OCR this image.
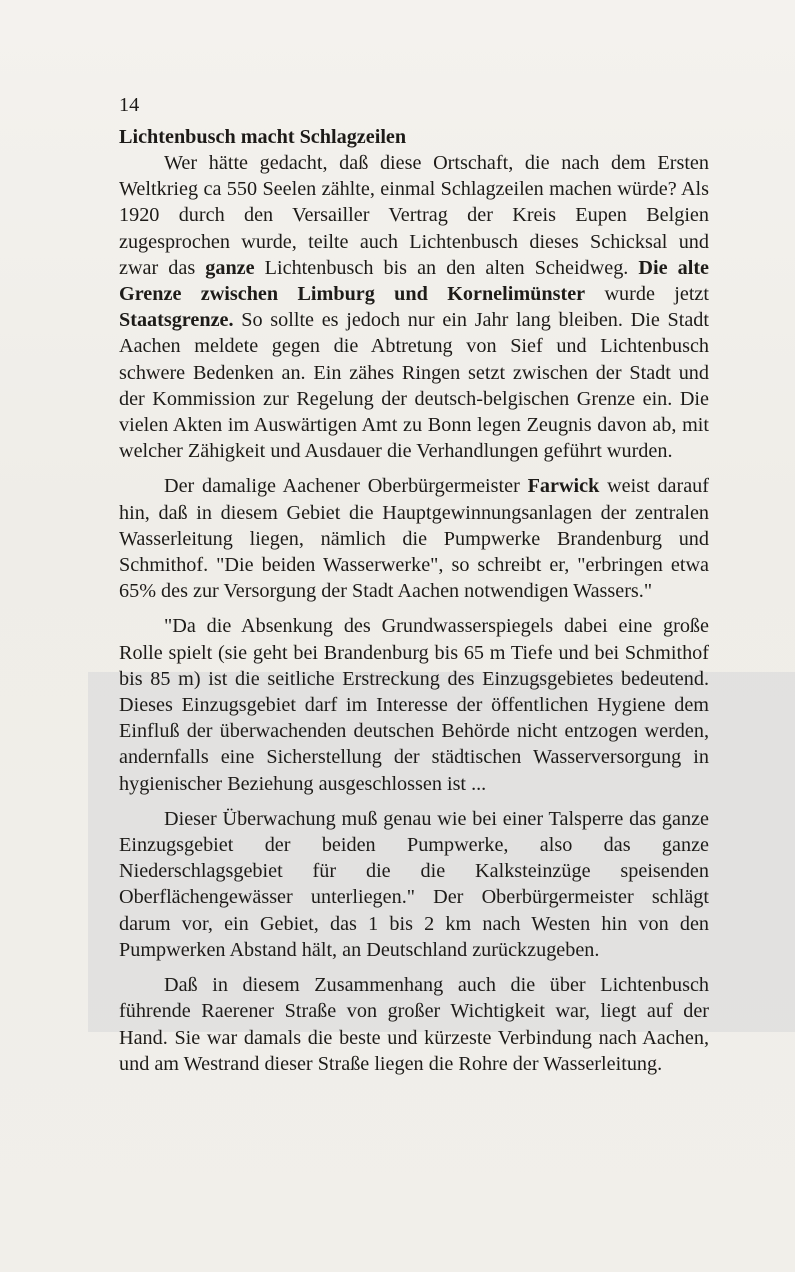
14
Lichtenbusch macht Schlagzeilen

Wer hätte gedacht, daß diese Ortschaft, die nach dem Ersten Weltkrieg ca 550 Seelen zählte, einmal Schlagzeilen machen würde? Als 1920 durch den Versailler Vertrag der Kreis Eupen Belgien zugesprochen wurde, teilte auch Lichtenbusch dieses Schicksal und zwar das ganze Lichtenbusch bis an den alten Scheidweg. Die alte Grenze zwischen Limburg und Kornelimünster wurde jetzt Staatsgrenze. So sollte es jedoch nur ein Jahr lang bleiben. Die Stadt Aachen meldete gegen die Abtretung von Sief und Lichtenbusch schwere Bedenken an. Ein zähes Ringen setzt zwischen der Stadt und der Kommission zur Regelung der deutsch-belgischen Grenze ein. Die vielen Akten im Auswärtigen Amt zu Bonn legen Zeugnis davon ab, mit welcher Zähigkeit und Ausdauer die Verhandlungen geführt wurden.

Der damalige Aachener Oberbürgermeister Farwick weist darauf hin, daß in diesem Gebiet die Hauptgewinnungsanlagen der zentralen Wasserleitung liegen, nämlich die Pumpwerke Brandenburg und Schmithof. "Die beiden Wasserwerke", so schreibt er, "erbringen etwa 65% des zur Versorgung der Stadt Aachen notwendigen Wassers."

"Da die Absenkung des Grundwasserspiegels dabei eine große Rolle spielt (sie geht bei Brandenburg bis 65 m Tiefe und bei Schmithof bis 85 m) ist die seitliche Erstreckung des Einzugsgebietes bedeutend. Dieses Einzugsgebiet darf im Interesse der öffentlichen Hygiene dem Einfluß der überwachenden deutschen Behörde nicht entzogen werden, andernfalls eine Sicherstellung der städtischen Wasserversorgung in hygienischer Beziehung ausgeschlossen ist ...

Dieser Überwachung muß genau wie bei einer Talsperre das ganze Einzugsgebiet der beiden Pumpwerke, also das ganze Niederschlagsgebiet für die die Kalksteinzüge speisenden Oberflächengewässer unterliegen." Der Oberbürgermeister schlägt darum vor, ein Gebiet, das 1 bis 2 km nach Westen hin von den Pumpwerken Abstand hält, an Deutschland zurückzugeben.

Daß in diesem Zusammenhang auch die über Lichtenbusch führende Raerener Straße von großer Wichtigkeit war, liegt auf der Hand. Sie war damals die beste und kürzeste Verbindung nach Aachen, und am Westrand dieser Straße liegen die Rohre der Wasserleitung.
